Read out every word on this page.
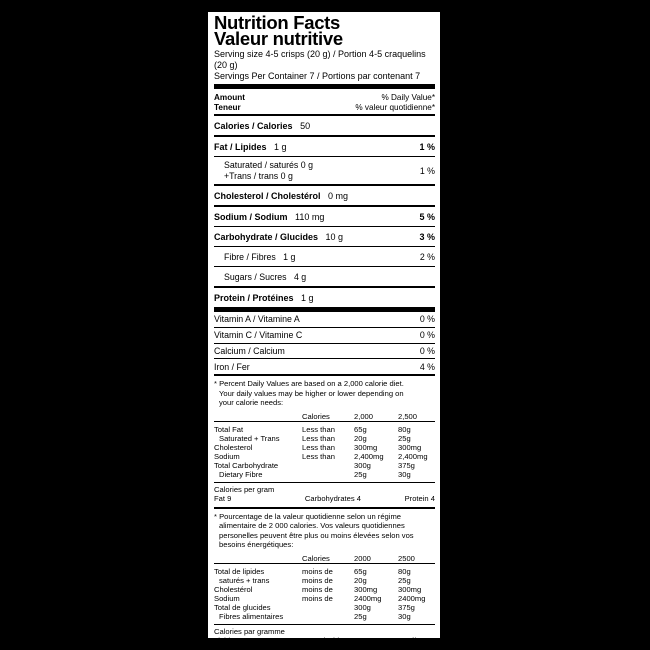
Nutrition Facts
Valeur nutritive
Serving size 4-5 crisps (20 g) / Portion 4-5 craquelins (20 g)
Servings Per Container 7 / Portions par contenant 7
Amount
Teneur
% Daily Value*
% valeur quotidienne*
Calories / Calories 50
Fat / Lipides 1 g	1 %
Saturated / saturés 0 g
+Trans / trans 0 g	1 %
Cholesterol / Cholestérol 0 mg
Sodium / Sodium 110 mg	5 %
Carbohydrate / Glucides 10 g	3 %
Fibre / Fibres 1 g	2 %
Sugars / Sucres 4 g
Protein / Protéines 1 g
Vitamin A / Vitamine A	0 %
Vitamin C / Vitamine C	0 %
Calcium / Calcium	0 %
Iron / Fer	4 %
* Percent Daily Values are based on a 2,000 calorie diet.
Your daily values may be higher or lower depending on
your calorie needs:
	Calories	2,000	2,500

Total Fat	Less than	65g	80g
Saturated + Trans	Less than	20g	25g
Cholesterol	Less than	300mg	300mg
Sodium	Less than	2,400mg	2,400mg
Total Carbohydrate		300g	375g
Dietary Fibre		25g	30g
Calories per gram
Fat 9	Carbohydrates 4	Protein 4
* Pourcentage de la valeur quotidienne selon un régime
alimentaire de 2 000 calories. Vos valeurs quotidiennes
personelles peuvent être plus ou moins élevées selon vos
besoins énergétiques:
	Calories	2000	2500

Total de lipides	moins de	65g	80g
saturés + trans	moins de	20g	25g
Cholestérol	moins de	300mg	300mg
Sodium	moins de	2400mg	2400mg
Total de glucides		300g	375g
Fibres alimentaires		25g	30g
Calories par gramme
Lipides 9	Glucides 4	Protéines 4
